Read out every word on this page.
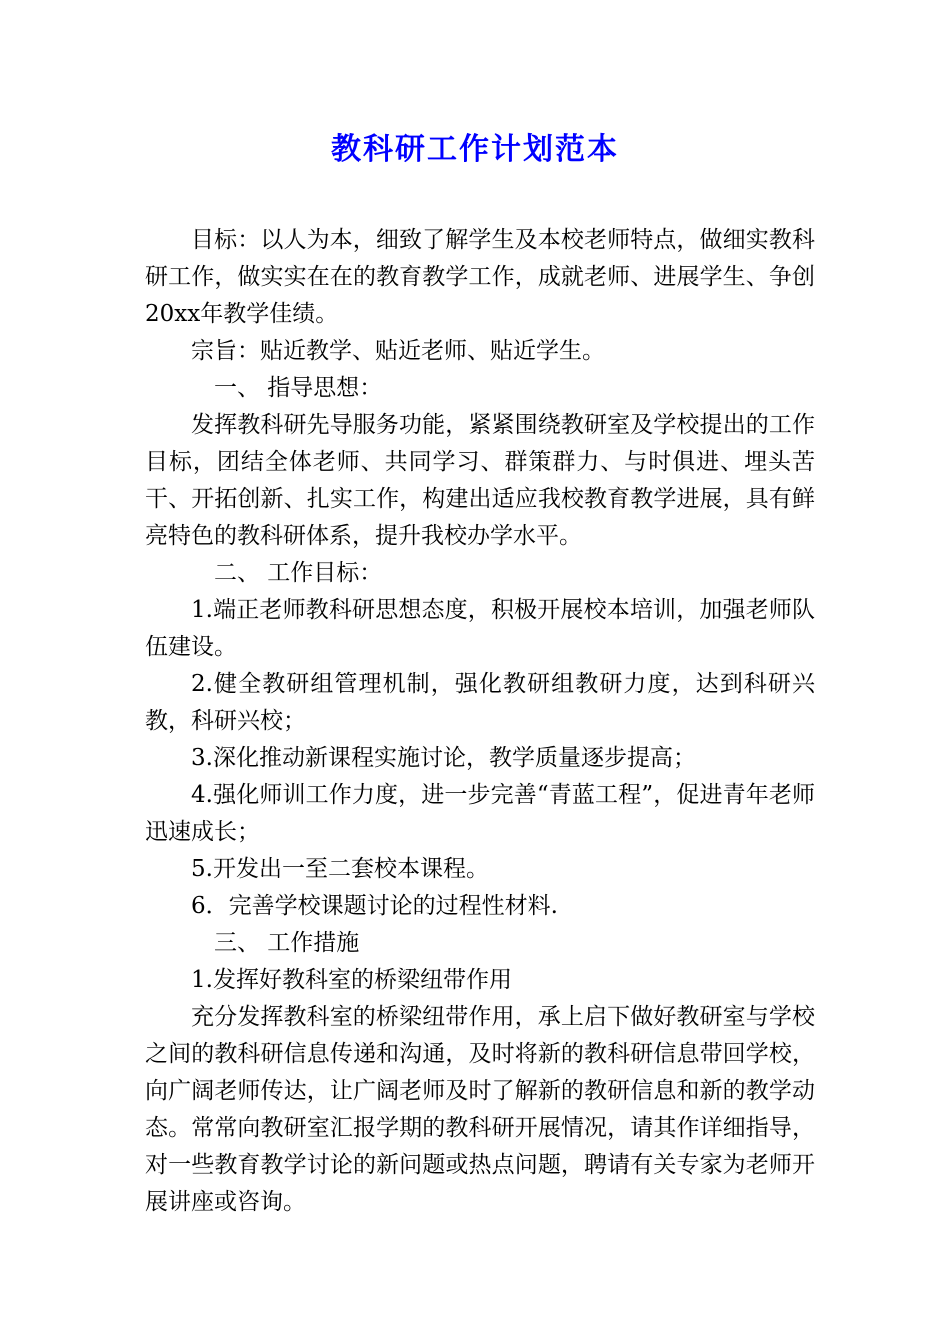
教科研工作计划范本

目标：以人为本，细致了解学生及本校老师特点，做细实教科研工作，做实实在在的教育教学工作，成就老师、进展学生、争创20xx年教学佳绩。

宗旨：贴近教学、贴近老师、贴近学生。

一、 指导思想：

发挥教科研先导服务功能，紧紧围绕教研室及学校提出的工作目标，团结全体老师、共同学习、群策群力、与时俱进、埋头苦干、开拓创新、扎实工作，构建出适应我校教育教学进展，具有鲜亮特色的教科研体系，提升我校办学水平。

二、 工作目标：

1.端正老师教科研思想态度，积极开展校本培训，加强老师队伍建设。

2.健全教研组管理机制，强化教研组教研力度，达到科研兴教，科研兴校；

3.深化推动新课程实施讨论，教学质量逐步提高；

4.强化师训工作力度，进一步完善“青蓝工程”，促进青年老师迅速成长；

5.开发出一至二套校本课程。

6．完善学校课题讨论的过程性材料.

三、 工作措施

1.发挥好教科室的桥梁纽带作用

充分发挥教科室的桥梁纽带作用，承上启下做好教研室与学校之间的教科研信息传递和沟通，及时将新的教科研信息带回学校，向广阔老师传达，让广阔老师及时了解新的教研信息和新的教学动态。常常向教研室汇报学期的教科研开展情况，请其作详细指导，对一些教育教学讨论的新问题或热点问题，聘请有关专家为老师开展讲座或咨询。
